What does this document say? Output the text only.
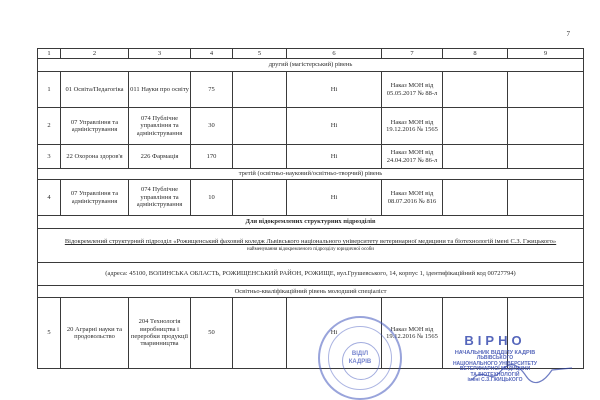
7
1	2	3	4	5	6	7	8	9
другий (магістерський) рівень								
1	01 Освіта/Педагогіка	011 Науки про освіту	75		Ні	Наказ МОН від 05.05.2017 № 88-л		
2	07 Управління та адміністрування	074 Публічне управління та адміністрування	30		Ні	Наказ МОН від 19.12.2016 № 1565		
3	22 Охорона здоров'я	226 Фармація	170		Ні	Наказ МОН від 24.04.2017 № 86-л		
третій (освітньо-науковий/освітньо-творчий) рівень								
4	07 Управління та адміністрування	074 Публічне управління та адміністрування	10		Ні	Наказ МОН від 08.07.2016 № 816		
Для відокремлених структурних підрозділів								
Відокремлений структурний підрозділ «Рожищенський фаховий коледж Львівського національного університету ветеринарної медицини та біотехнологій імені С.З. Гжицького»
найменування відокремленого підрозділу юридичної особи								

(адреса: 45100, ВОЛИНСЬКА ОБЛАСТЬ, РОЖИЩЕНСЬКИЙ РАЙОН, РОЖИЩЕ, вул.Грушевського, 14, корпус 1, ідентифікаційний код 00727794)								
Освітньо-кваліфікаційний рівень молодший спеціаліст								
5	20 Аграрні науки та продовольство	204 Технологія виробництва і переробки продукції тваринництва	50		Ні	Наказ МОН від 19.12.2016 № 1565		
ВІДІЛ
КАДРІВ
ВІРНО
НАЧАЛЬНИК ВІДДІЛУ КАДРІВ
ЛЬВІВСЬКОГО
НАЦІОНАЛЬНОГО УНІВЕРСИТЕТУ
ВЕТЕРИНАРНОЇ МЕДИЦИНИ
ТА БІОТЕХНОЛОГІЙ
імені С.З.ГЖИЦЬКОГО
